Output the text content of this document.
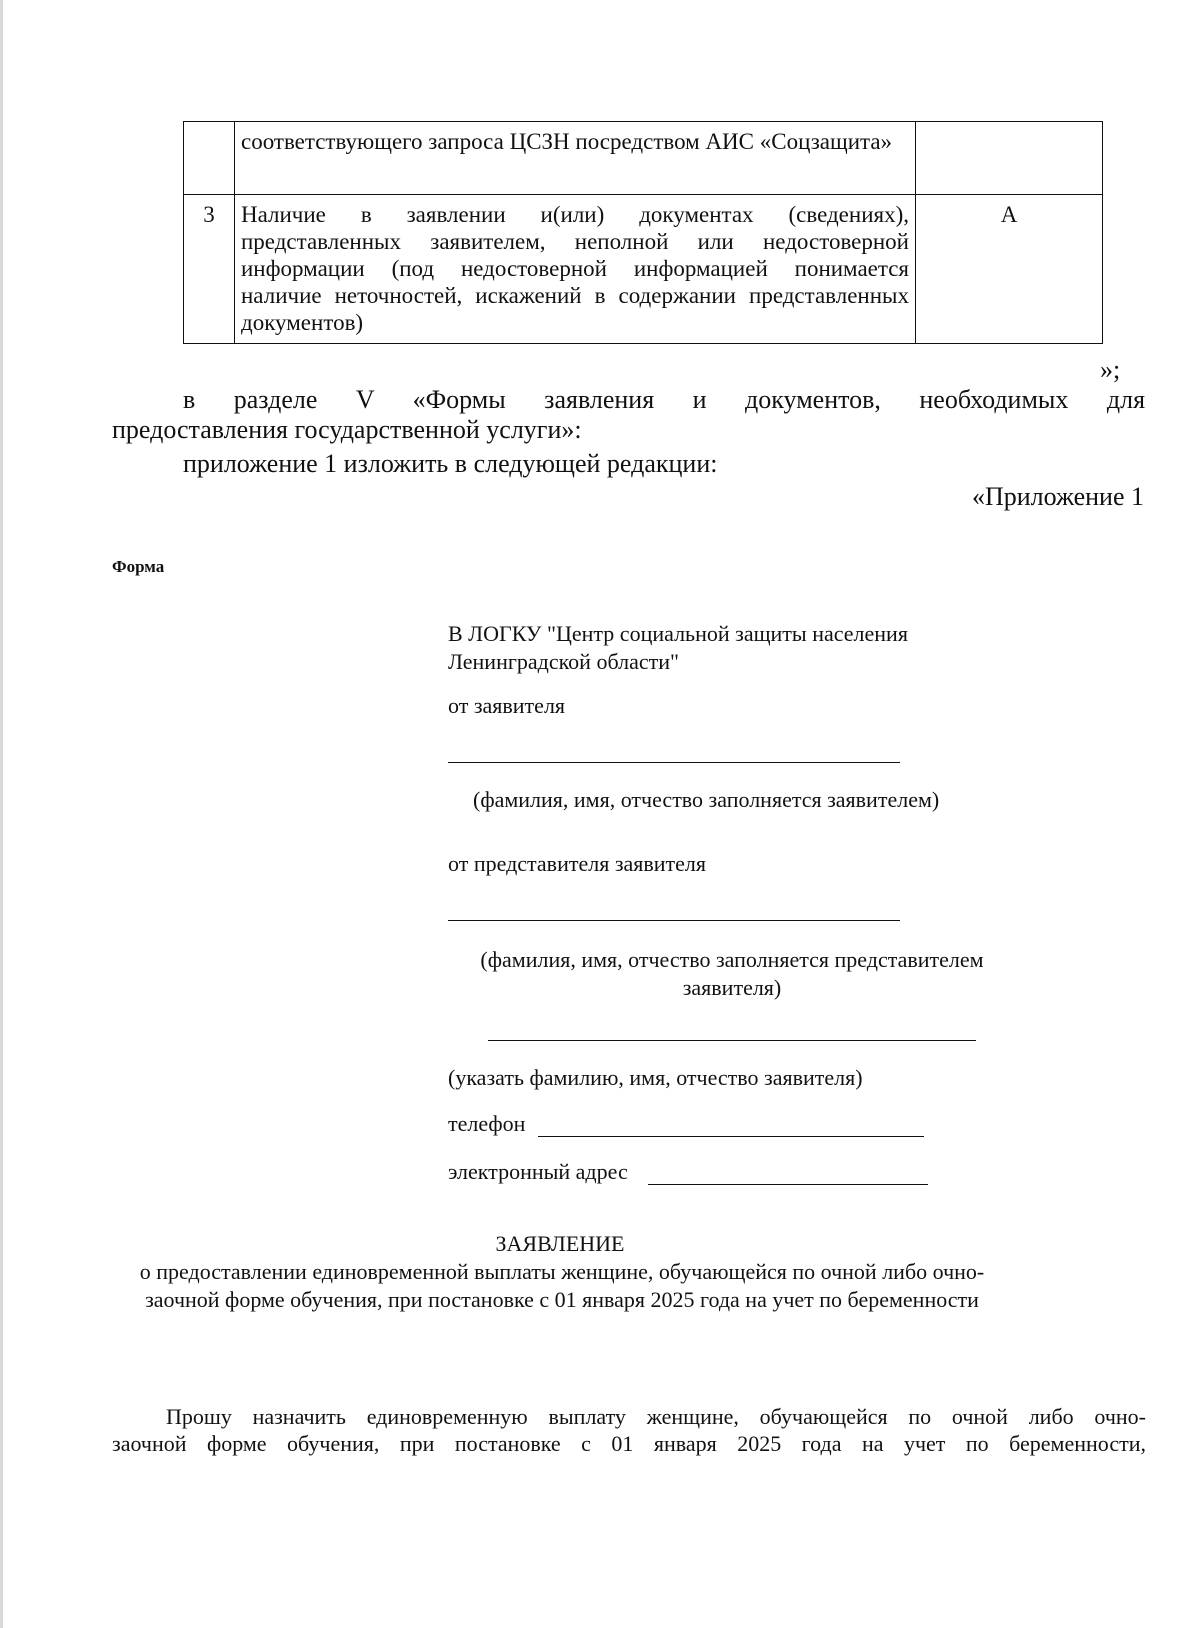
	соответствующего запроса ЦСЗН посредством АИС «Соцзащита»	
3	Наличие в заявлении и(или) документах (сведениях), представленных заявителем, неполной или недостоверной информации (под недостоверной информацией понимается наличие неточностей, искажений в содержании представленных документов)	А
»;
в разделе V «Формы заявления и документов, необходимых для
предоставления государственной услуги»:
приложение 1 изложить в следующей редакции:
«Приложение 1
Форма
В ЛОГКУ "Центр социальной защиты населения Ленинградской области"
от заявителя
(фамилия, имя, отчество заполняется заявителем)
от представителя заявителя
(фамилия, имя, отчество заполняется представителем заявителя)
(указать фамилию, имя, отчество заявителя)
телефон
электронный адрес
ЗАЯВЛЕНИЕ
о предоставлении единовременной выплаты женщине, обучающейся по очной либо очно-заочной форме обучения, при постановке с 01 января 2025 года на учет по беременности
Прошу назначить единовременную выплату женщине, обучающейся по очной либо очно-
заочной форме обучения, при постановке с 01 января 2025 года на учет по беременности,
